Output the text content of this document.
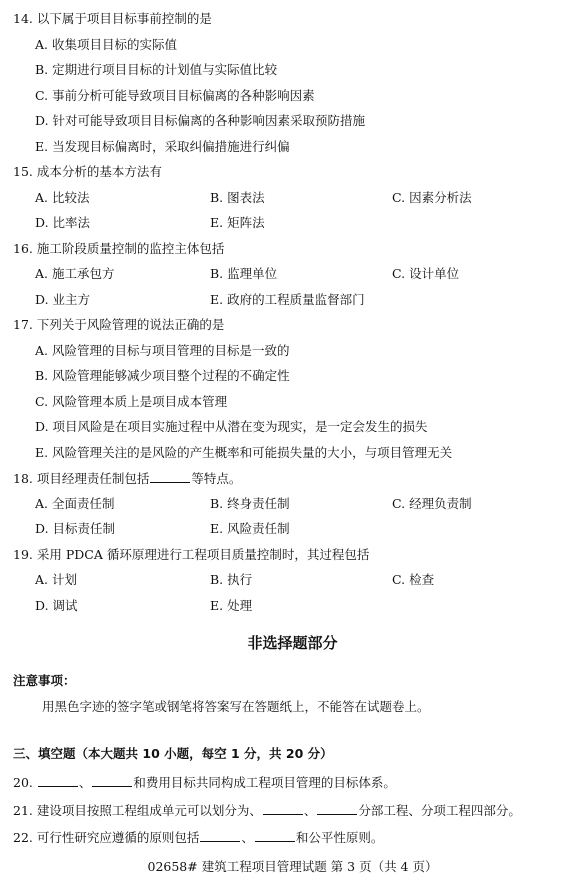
14. 以下属于项目目标事前控制的是
A. 收集项目目标的实际值
B. 定期进行项目目标的计划值与实际值比较
C. 事前分析可能导致项目目标偏离的各种影响因素
D. 针对可能导致项目目标偏离的各种影响因素采取预防措施
E. 当发现目标偏离时，采取纠偏措施进行纠偏
15. 成本分析的基本方法有
A. 比较法	B. 图表法	C. 因素分析法
D. 比率法	E. 矩阵法
16. 施工阶段质量控制的监控主体包括
A. 施工承包方	B. 监理单位	C. 设计单位
D. 业主方	E. 政府的工程质量监督部门
17. 下列关于风险管理的说法正确的是
A. 风险管理的目标与项目管理的目标是一致的
B. 风险管理能够减少项目整个过程的不确定性
C. 风险管理本质上是项目成本管理
D. 项目风险是在项目实施过程中从潜在变为现实，是一定会发生的损失
E. 风险管理关注的是风险的产生概率和可能损失量的大小，与项目管理无关
18. 项目经理责任制包括	等特点。
A. 全面责任制	B. 终身责任制	C. 经理负责制
D. 目标责任制	E. 风险责任制
19. 采用 PDCA 循环原理进行工程项目质量控制时，其过程包括
A. 计划	B. 执行	C. 检查
D. 调试	E. 处理
非选择题部分
注意事项：
用黑色字迹的签字笔或钢笔将答案写在答题纸上，不能答在试题卷上。
三、填空题（本大题共 10 小题，每空 1 分，共 20 分）
20.	、	和费用目标共同构成工程项目管理的目标体系。
21. 建设项目按照工程组成单元可以划分为、	、	分部工程、分项工程四部分。
22. 可行性研究应遵循的原则包括	、	和公平性原则。
02658# 建筑工程项目管理试题 第 3 页（共 4 页）
